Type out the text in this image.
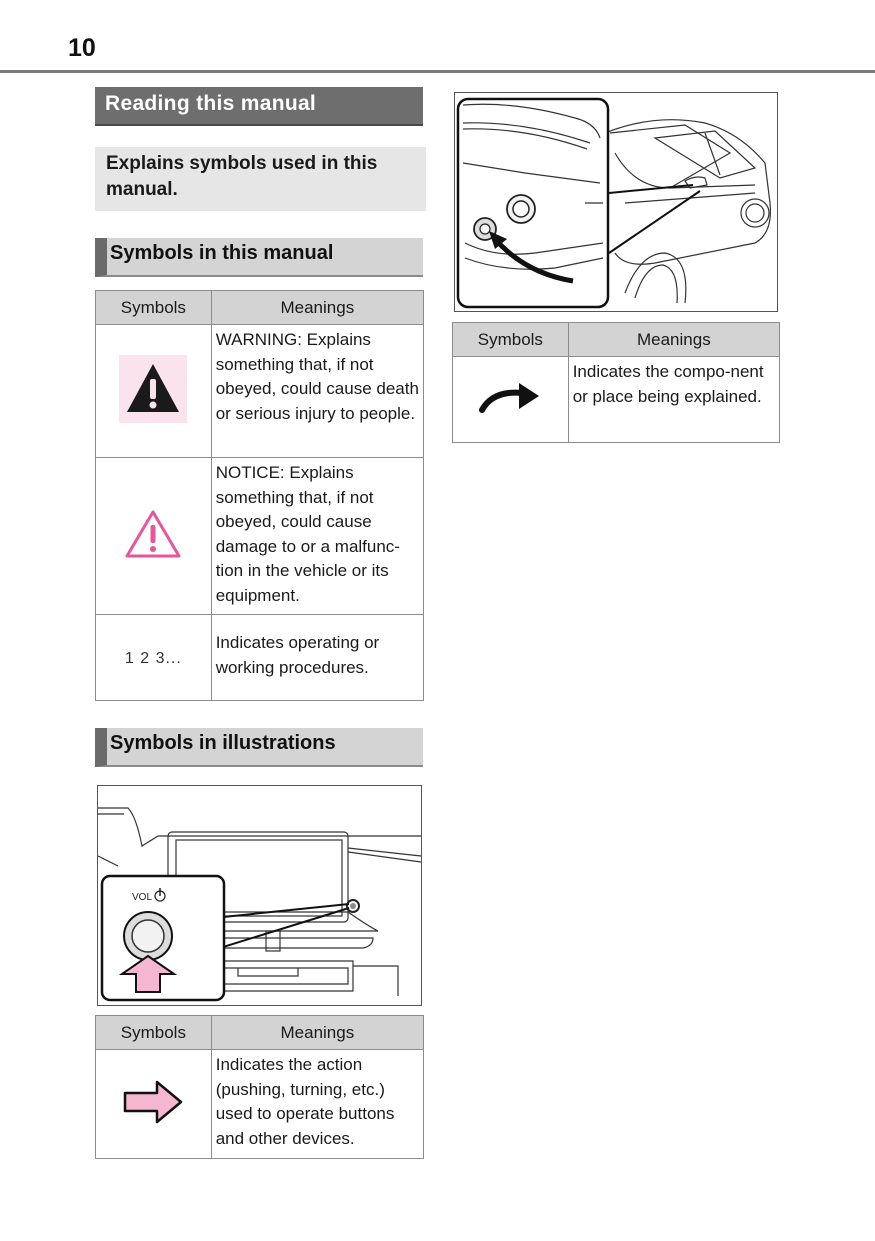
10
Reading this manual
Explains symbols used in this manual.
Symbols in this manual
Symbols	Meanings
	WARNING: Explains something that, if not obeyed, could cause death or serious injury to people.
	NOTICE: Explains something that, if not obeyed, could cause damage to or a malfunc-tion in the vehicle or its equipment.
1 2 3...	Indicates operating or working procedures.
Symbols in illustrations
VOL
Symbols	Meanings
	Indicates the action (pushing, turning, etc.) used to operate buttons and other devices.
Symbols	Meanings
	Indicates the compo-nent or place being explained.
